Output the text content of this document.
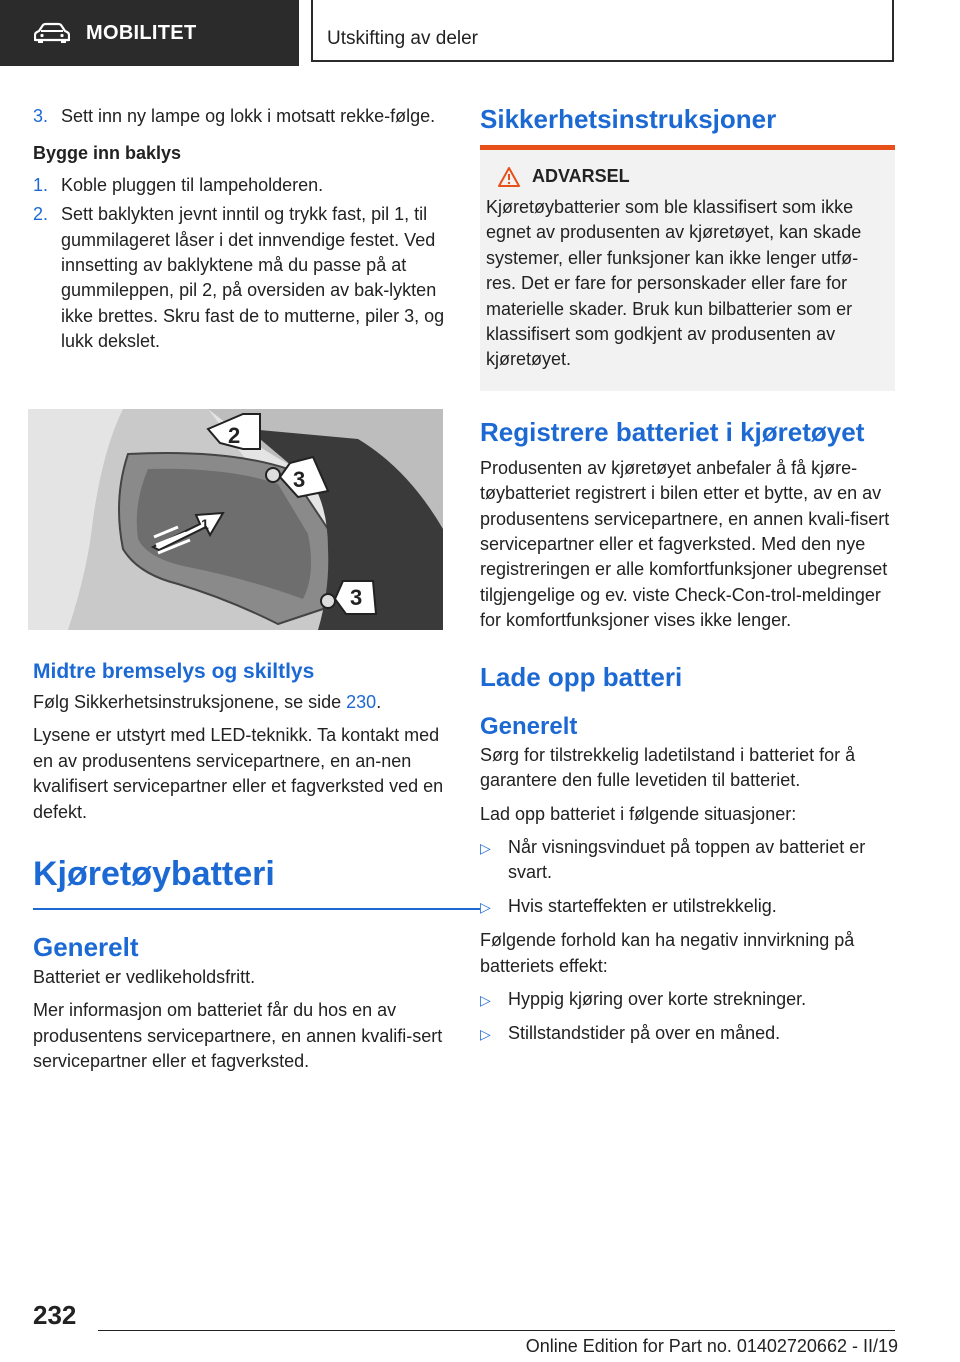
MOBILITET	Utskifting av deler
3. Sett inn ny lampe og lokk i motsatt rekke-følge.

Bygge inn baklys

1. Koble pluggen til lampeholderen.
2. Sett baklykten jevnt inntil og trykk fast, pil 1, til gummilageret låser i det innvendige festet. Ved innsetting av baklyktene må du passe på at gummileppen, pil 2, på oversiden av bak-lykten ikke brettes. Skru fast de to mutterne, piler 3, og lukk dekslet.
1
2
3
3
Midtre bremselys og skiltlys

Følg Sikkerhetsinstruksjonene, se side 230.

Lysene er utstyrt med LED-teknikk. Ta kontakt med en av produsentens servicepartnere, en an-nen kvalifisert servicepartner eller et fagverksted ved en defekt.

Kjøretøybatteri
Generelt

Batteriet er vedlikeholdsfritt.

Mer informasjon om batteriet får du hos en av produsentens servicepartnere, en annen kvalifi-sert servicepartner eller et fagverksted.

Sikkerhetsinstruksjoner
ADVARSEL

Kjøretøybatterier som ble klassifisert som ikke egnet av produsenten av kjøretøyet, kan skade systemer, eller funksjoner kan ikke lenger utfø-res. Det er fare for personskader eller fare for materielle skader. Bruk kun bilbatterier som er klassifisert som godkjent av produsenten av kjøretøyet.

Registrere batteriet i kjøretøyet

Produsenten av kjøretøyet anbefaler å få kjøre-tøybatteriet registrert i bilen etter et bytte, av en av produsentens servicepartnere, en annen kvali-fisert servicepartner eller et fagverksted. Med den nye registreringen er alle komfortfunksjoner ubegrenset tilgjengelige og ev. viste Check-Con-trol-meldinger for komfortfunksjoner vises ikke lenger.

Lade opp batteri
Generelt

Sørg for tilstrekkelig ladetilstand i batteriet for å garantere den fulle levetiden til batteriet.

Lad opp batteriet i følgende situasjoner:

▷ Når visningsvinduet på toppen av batteriet er svart.
▷ Hvis starteffekten er utilstrekkelig.

Følgende forhold kan ha negativ innvirkning på batteriets effekt:

▷ Hyppig kjøring over korte strekninger.
▷ Stillstandstider på over en måned.
232
Online Edition for Part no. 01402720662 - II/19
